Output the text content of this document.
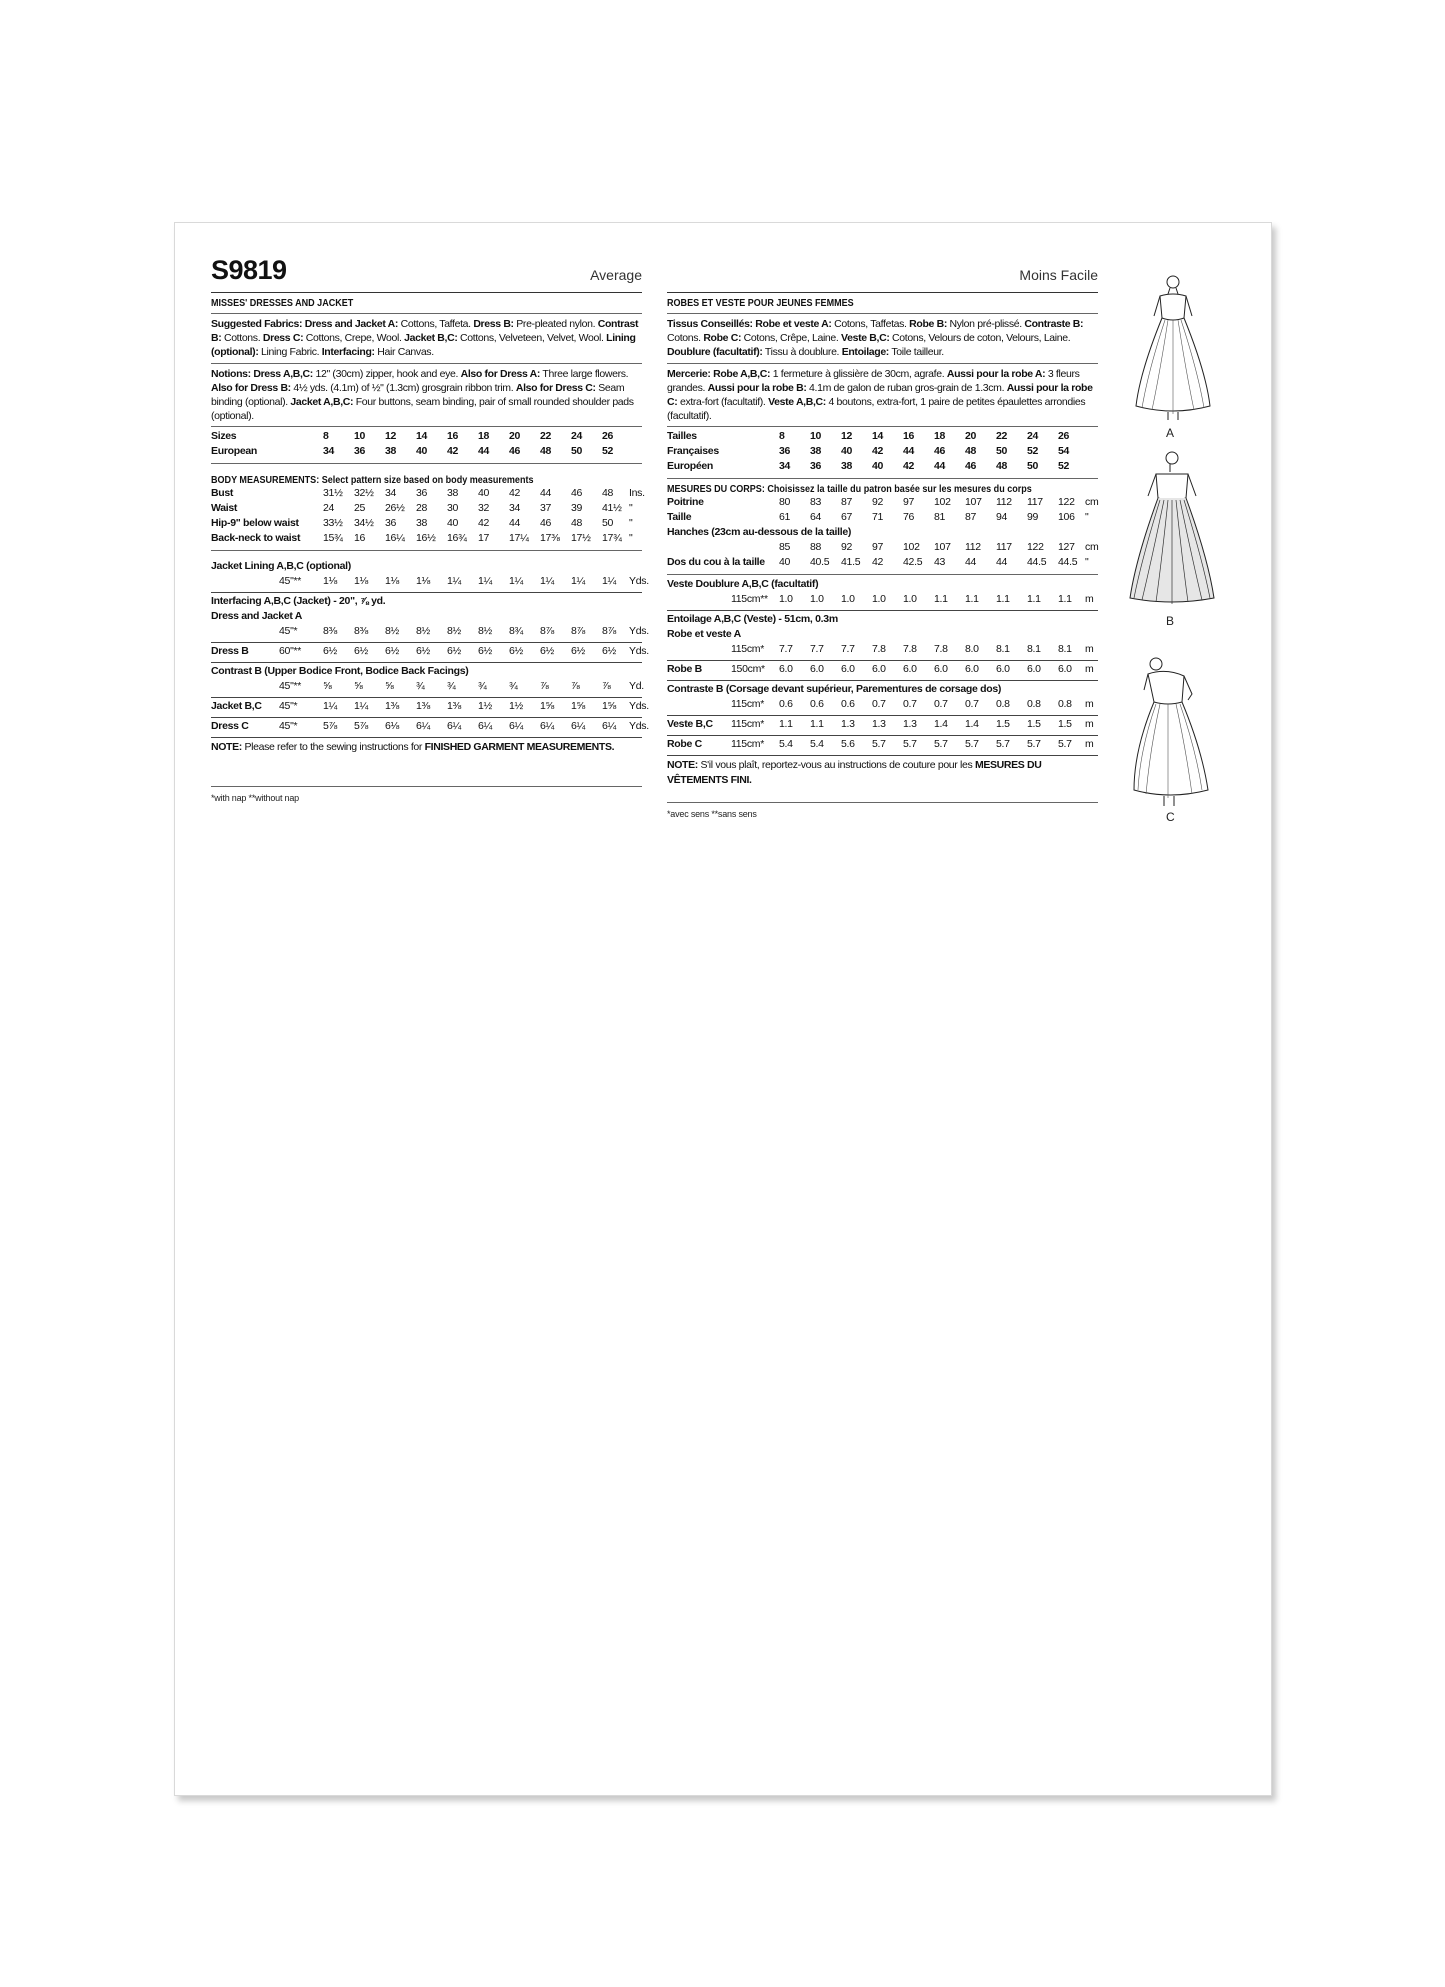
S9819	Average
MISSES' DRESSES AND JACKET
Suggested Fabrics: Dress and Jacket A: Cottons, Taffeta. Dress B: Pre-pleated nylon. Contrast B: Cottons. Dress C: Cottons, Crepe, Wool. Jacket B,C: Cottons, Velveteen, Velvet, Wool. Lining (optional): Lining Fabric. Interfacing: Hair Canvas.
Notions: Dress A,B,C: 12" (30cm) zipper, hook and eye. Also for Dress A: Three large flowers. Also for Dress B: 4½ yds. (4.1m) of ½" (1.3cm) grosgrain ribbon trim. Also for Dress C: Seam binding (optional). Jacket A,B,C: Four buttons, seam binding, pair of small rounded shoulder pads (optional).
Sizes	8 10 12 14 16 18 20 22 24 26
European	34 36 38 40 42 44 46 48 50 52
BODY MEASUREMENTS: Select pattern size based on body measurements
Bust	31½ 32½ 34 36 38 40 42 44 46 48 Ins.
Waist	24 25 26½ 28 30 32 34 37 39 41½ "
Hip-9" below waist 33½ 34½ 36 38 40 42 44 46 48 50 "
Back-neck to waist 15¾ 16 16¼ 16½ 16¾ 17 17¼ 17⅜ 17½ 17¾ "
Jacket Lining A,B,C (optional)
45"** 1⅛ 1⅛ 1⅛ 1⅛ 1¼ 1¼ 1¼ 1¼ 1¼ 1¼ Yds.
Interfacing A,B,C (Jacket) - 20", ⅞ yd.
Dress and Jacket A
45"* 8⅜ 8⅜ 8½ 8½ 8½ 8½ 8¾ 8⅞ 8⅞ 8⅞ Yds.
Dress B	60"** 6½ 6½ 6½ 6½ 6½ 6½ 6½ 6½ 6½ 6½ Yds.
Contrast B (Upper Bodice Front, Bodice Back Facings)
45"** ⅝ ⅝ ⅝ ¾ ¾ ¾ ¾ ⅞ ⅞ ⅞ Yd.
Jacket B,C 45"* 1¼ 1¼ 1⅜ 1⅜ 1⅜ 1½ 1½ 1⅝ 1⅝ 1⅝ Yds.
Dress C	45"* 5⅞ 5⅞ 6⅛ 6¼ 6¼ 6¼ 6¼ 6¼ 6¼ 6¼ Yds.
NOTE: Please refer to the sewing instructions for FINISHED GARMENT MEASUREMENTS.
*with nap **without nap
Moins Facile
ROBES ET VESTE POUR JEUNES FEMMES
Tissus Conseillés: Robe et veste A: Cotons, Taffetas. Robe B: Nylon pré-plissé. Contraste B: Cotons. Robe C: Cotons, Crêpe, Laine. Veste B,C: Cotons, Velours de coton, Velours, Laine. Doublure (facultatif): Tissu à doublure. Entoilage: Toile tailleur.
Mercerie: Robe A,B,C: 1 fermeture à glissière de 30cm, agrafe. Aussi pour la robe A: 3 fleurs grandes. Aussi pour la robe B: 4.1m de galon de ruban gros-grain de 1.3cm. Aussi pour la robe C: extra-fort (facultatif). Veste A,B,C: 4 boutons, extra-fort, 1 paire de petites épaulettes arrondies (facultatif).
Tailles	8 10 12 14 16 18 20 22 24 26
Françaises	36 38 40 42 44 46 48 50 52 54
Européen	34 36 38 40 42 44 46 48 50 52
MESURES DU CORPS: Choisissez la taille du patron basée sur les mesures du corps
Poitrine	80 83 87 92 97 102 107 112 117 122 cm
Taille	61 64 67 71 76 81 87 94 99 106 "
Hanches (23cm au-dessous de la taille)
85 88 92 97 102 107 112 117 122 127 cm
Dos du cou à la taille 40 40.5 41.5 42 42.5 43 44 44 44.5 44.5 "
Veste Doublure A,B,C (facultatif)
115cm** 1.0 1.0 1.0 1.0 1.0 1.1 1.1 1.1 1.1 1.1 m
Entoilage A,B,C (Veste) - 51cm, 0.3m
Robe et veste A
115cm* 7.7 7.7 7.7 7.8 7.8 7.8 8.0 8.1 8.1 8.1 m
Robe B	150cm* 6.0 6.0 6.0 6.0 6.0 6.0 6.0 6.0 6.0 6.0 m
Contraste B (Corsage devant supérieur, Parementures de corsage dos)
115cm* 0.6 0.6 0.6 0.7 0.7 0.7 0.7 0.8 0.8 0.8 m
Veste B,C 115cm* 1.1 1.1 1.3 1.3 1.3 1.4 1.4 1.5 1.5 1.5 m
Robe C	115cm* 5.4 5.4 5.6 5.7 5.7 5.7 5.7 5.7 5.7 5.7 m
NOTE: S'il vous plaît, reportez-vous au instructions de couture pour les MESURES DU VÊTEMENTS FINI.
*avec sens **sans sens
A
B
C
